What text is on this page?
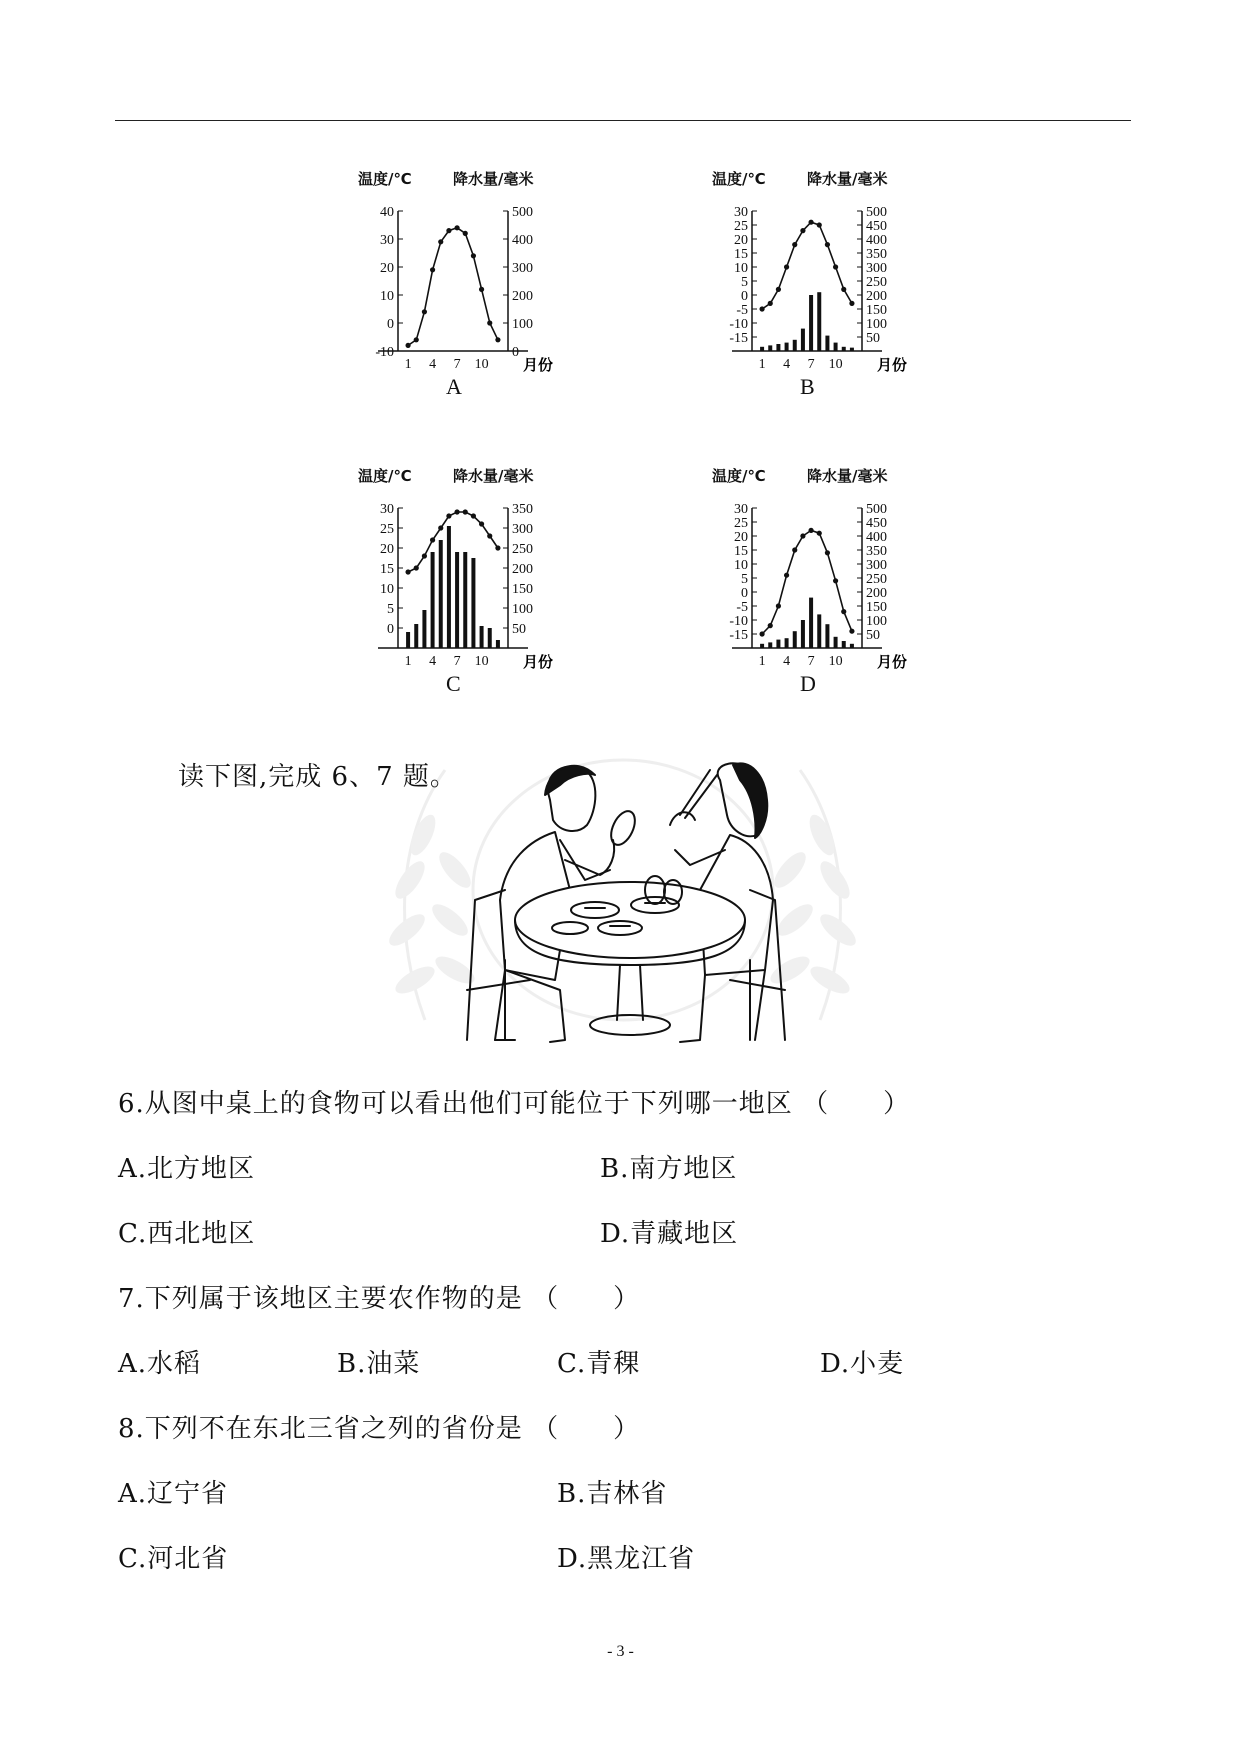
温度/℃	降水量/毫米
40
30
20
10
0
-10
500
400
300
200
100
0
1 4 7 10 月份
A
温度/℃	降水量/毫米
30
25
20
15
10
5
0
-5
-10
-15
500
450
400
350
300
250
200
150
100
50
1 4 7 10 月份
B
温度/℃	降水量/毫米
30
25
20
15
10
5
0
350
300
250
200
150
100
50
1 4 7 10 月份
C
温度/℃	降水量/毫米
30
25
20
15
10
5
0
-5
-10
-15
500
450
400
350
300
250
200
150
100
50
1 4 7 10 月份
D
读下图,完成 6、7 题。
6.从图中桌上的食物可以看出他们可能位于下列哪一地区 （　　）
A.北方地区	B.南方地区
C.西北地区	D.青藏地区
7.下列属于该地区主要农作物的是 （　　）
A.水稻	B.油菜	C.青稞	D.小麦
8.下列不在东北三省之列的省份是 （　　）
A.辽宁省	B.吉林省
C.河北省	D.黑龙江省
- 3 -
